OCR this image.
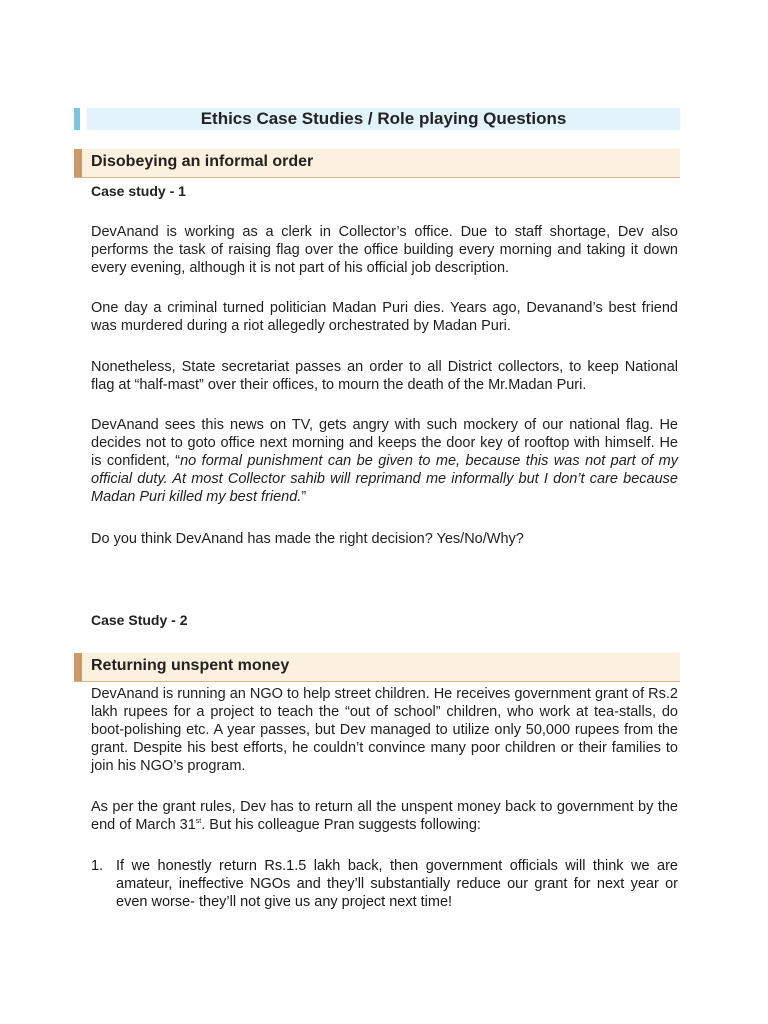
Ethics Case Studies / Role playing Questions
Disobeying an informal order
Case study - 1

DevAnand is working as a clerk in Collector’s office. Due to staff shortage, Dev also performs the task of raising flag over the office building every morning and taking it down every evening, although it is not part of his official job description.

One day a criminal turned politician Madan Puri dies. Years ago, Devanand’s best friend was murdered during a riot allegedly orchestrated by Madan Puri.

Nonetheless, State secretariat passes an order to all District collectors, to keep National flag at “half-mast” over their offices, to mourn the death of the Mr.Madan Puri.

DevAnand sees this news on TV, gets angry with such mockery of our national flag. He decides not to goto office next morning and keeps the door key of rooftop with himself. He is confident, “no formal punishment can be given to me, because this was not part of my official duty. At most Collector sahib will reprimand me informally but I don’t care because Madan Puri killed my best friend.”

Do you think DevAnand has made the right decision? Yes/No/Why?

Case Study - 2
Returning unspent money

DevAnand is running an NGO to help street children. He receives government grant of Rs.2 lakh rupees for a project to teach the “out of school” children, who work at tea-stalls, do boot-polishing etc. A year passes, but Dev managed to utilize only 50,000 rupees from the grant. Despite his best efforts, he couldn’t convince many poor children or their families to join his NGO’s program.

As per the grant rules, Dev has to return all the unspent money back to government by the end of March 31st. But his colleague Pran suggests following:

1. If we honestly return Rs.1.5 lakh back, then government officials will think we are amateur, ineffective NGOs and they’ll substantially reduce our grant for next year or even worse- they’ll not give us any project next time!
